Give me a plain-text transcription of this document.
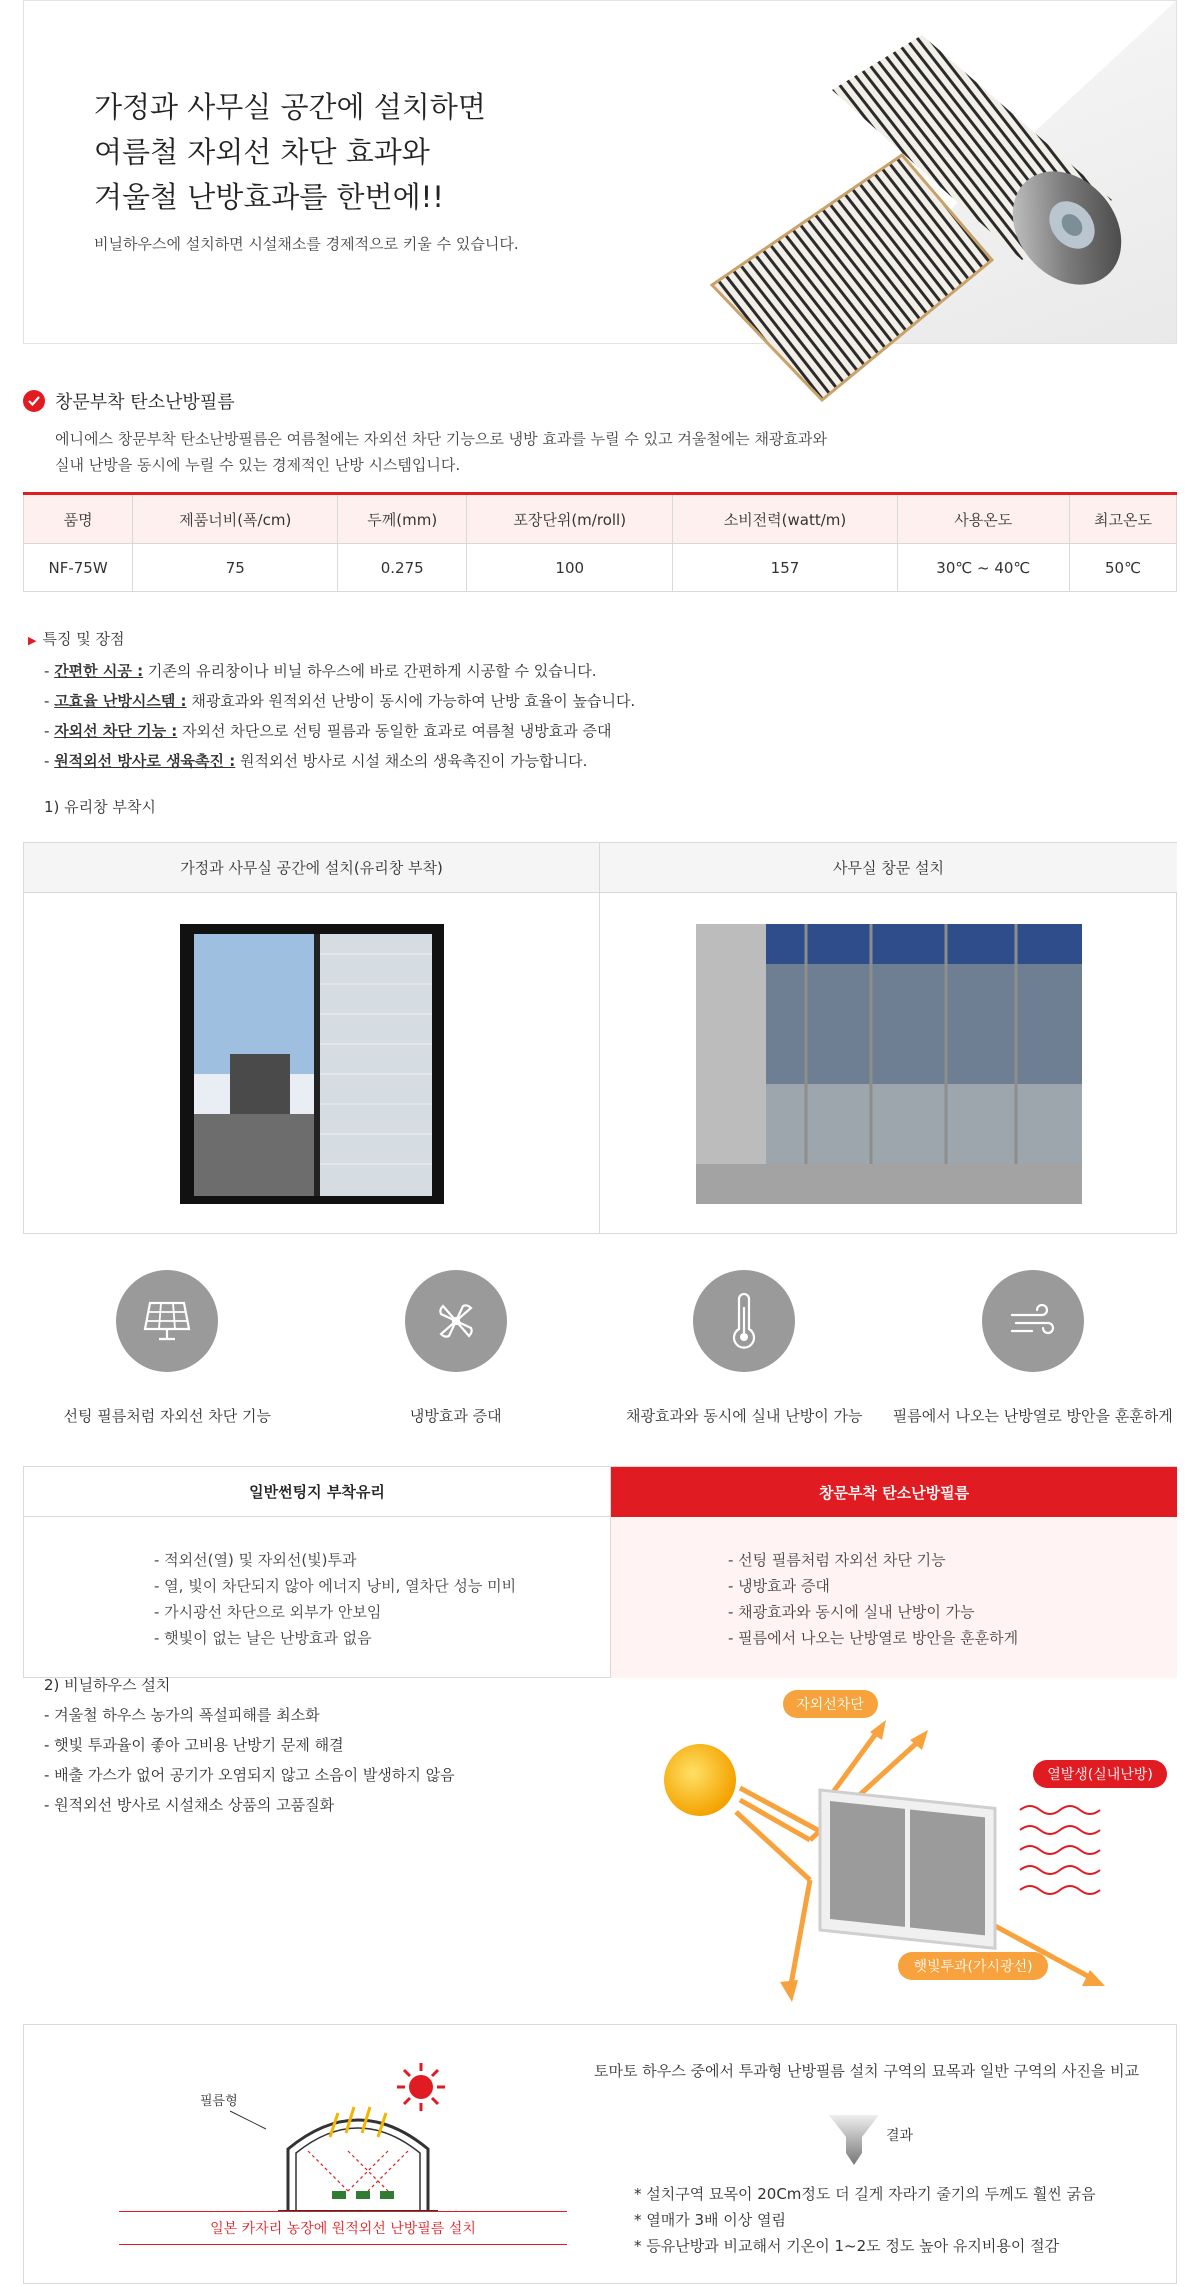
가정과 사무실 공간에 설치하면
여름철 자외선 차단 효과와
겨울철 난방효과를 한번에!!
비닐하우스에 설치하면 시설채소를 경제적으로 키울 수 있습니다.
창문부착 탄소난방필름
에니에스 창문부착 탄소난방필름은 여름철에는 자외선 차단 기능으로 냉방 효과를 누릴 수 있고 겨울철에는 채광효과와
실내 난방을 동시에 누릴 수 있는 경제적인 난방 시스템입니다.
품명	제품너비(폭/cm)	두께(mm)	포장단위(m/roll)	소비전력(watt/m)	사용온도	최고온도
NF-75W	75	0.275	100	157	30℃ ~ 40℃	50℃
▶ 특징 및 장점
- 간편한 시공 : 기존의 유리창이나 비닐 하우스에 바로 간편하게 시공할 수 있습니다.
- 고효율 난방시스템 : 채광효과와 원적외선 난방이 동시에 가능하여 난방 효율이 높습니다.
- 자외선 차단 기능 : 자외선 차단으로 선팅 필름과 동일한 효과로 여름철 냉방효과 증대
- 원적외선 방사로 생육촉진 : 원적외선 방사로 시설 채소의 생육촉진이 가능합니다.
1) 유리창 부착시
가정과 사무실 공간에 설치(유리창 부착)	사무실 창문 설치
선팅 필름처럼 자외선 차단 기능	냉방효과 증대	채광효과와 동시에 실내 난방이 가능 필름에서 나오는 난방열로 방안을 훈훈하게
일반썬팅지 부착유리	창문부착 탄소난방필름
- 적외선(열) 및 자외선(빛)투과
- 열, 빛이 차단되지 않아 에너지 낭비, 열차단 성능 미비
- 가시광선 차단으로 외부가 안보임
- 햇빛이 없는 날은 난방효과 없음
- 선팅 필름처럼 자외선 차단 기능
- 냉방효과 증대
- 채광효과와 동시에 실내 난방이 가능
- 필름에서 나오는 난방열로 방안을 훈훈하게
2) 비닐하우스 설치
- 겨울철 하우스 농가의 폭설피해를 최소화
- 햇빛 투과율이 좋아 고비용 난방기 문제 해결
- 배출 가스가 없어 공기가 오염되지 않고 소음이 발생하지 않음
- 원적외선 방사로 시설채소 상품의 고품질화
자외선차단
열발생(실내난방)
햇빛투과(가시광선)
필름형
일본 카자리 농장에 원적외선 난방필름 설치
토마토 하우스 중에서 투과형 난방필름 설치 구역의 묘목과 일반 구역의 사진을 비교
결과
* 설치구역 묘목이 20Cm정도 더 길게 자라기 줄기의 두께도 훨씬 굵음
* 열매가 3배 이상 열림
* 등유난방과 비교해서 기온이 1~2도 정도 높아 유지비용이 절감
